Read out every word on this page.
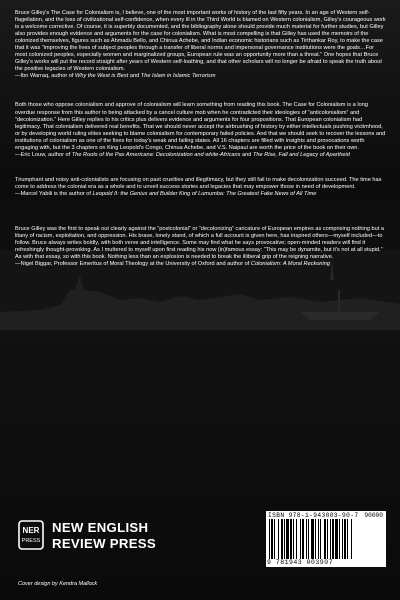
Bruce Gilley's The Case for Colonialism is, I believe, one of the most important works of history of the last fifty years. In an age of Western self-flagellation, and the loss of civilizational self-confidence, when every ill in the Third World is blamed on Western colonialism, Gilley's courageous work is a welcome corrective. Of course, it is superbly documented, and the bibliography alone should provide much material for further studies, but Gilley also provides enough evidence and arguments for the case for colonialism. What is most compelling is that Gilley has used the memoirs of the colonized themselves, figures such as Ahmadu Bello, and Chinua Achebe, and Indian economic historians such as Tirthankar Roy, to make the case that it was “improving the lives of subject peoples through a transfer of liberal norms and impersonal governance institutions were the goals…For most colonized peoples, especially women and marginalized groups, European rule was an opportunity more than a threat.” One hopes that Bruce Gilley's works will put the record straight after years of Western self-loathing, and that other scholars will no longer be afraid to speak the truth about the positive legacies of Western colonialism.
—Ibn Warraq, author of Why the West is Best and The Islam in Islamic Terrorism

Both those who oppose colonialism and approve of colonialism will learn something from reading this book. The Case for Colonialism is a long overdue response from this author to being attacked by a cancel culture mob when he contradicted their ideologies of “anticolonialism” and “decolonization.” Here Gilley replies to his critics plus delivers evidence and arguments for four propositions. That European colonialism had legitimacy. That colonialism delivered real benefits. That we should never accept the airbrushing of history by either intellectuals pushing victimhood, or by developing world ruling elites seeking to blame colonialism for contemporary failed policies. And that we should seek to recover the lessons and institutions of colonialism as one of the fixes for today's weak and failing states. All 16 chapters are filled with insights and provocations worth engaging with, but the 3 chapters on King Leopold's Congo, Chinua Achebe, and V.S. Naipaul are worth the price of the book on their own.
—Eric Louw, author of The Roots of the Pax Americana: Decolonization and white-Africans and The Rise, Fall and Legacy of Apartheid

Triumphant and noisy anti-colonialists are focusing on past cruelties and illegitimacy, but they still fail to make decolonization succeed. The time has come to address the colonial era as a whole and to unveil success stories and legacies that may empower those in need of development.
—Marcel Yabili is the author of Leopold II: the Genius and Builder King of Lumumba: The Greatest Fake News of All Time

Bruce Gilley was the first to speak out clearly against the “postcolonial” or “decolonizing” caricature of European empires as comprising nothing but a litany of racism, exploitation, and oppression. His brave, lonely stand, of which a full account is given here, has inspired others—myself included—to follow. Bruce always writes boldly, with both verve and intelligence. Some may find what he says provocative; open-minded readers will find it refreshingly thought-provoking. As I muttered to myself upon first reading his now (in)famous essay: “This may be dynamite, but it's not at all stupid.” As with that essay, so with this book. Nothing less than an explosion is needed to break the illiberal grip of the reigning narrative.
—Nigel Biggar, Professor Emeritus of Moral Theology at the University of Oxford and author of Colonialism: A Moral Reckoning

NER
PRESS
NEW ENGLISH
REVIEW PRESS
ISBN 978-1-943003-90-7 90000
9 781943 003907
Cover design by Kendra Mallock
